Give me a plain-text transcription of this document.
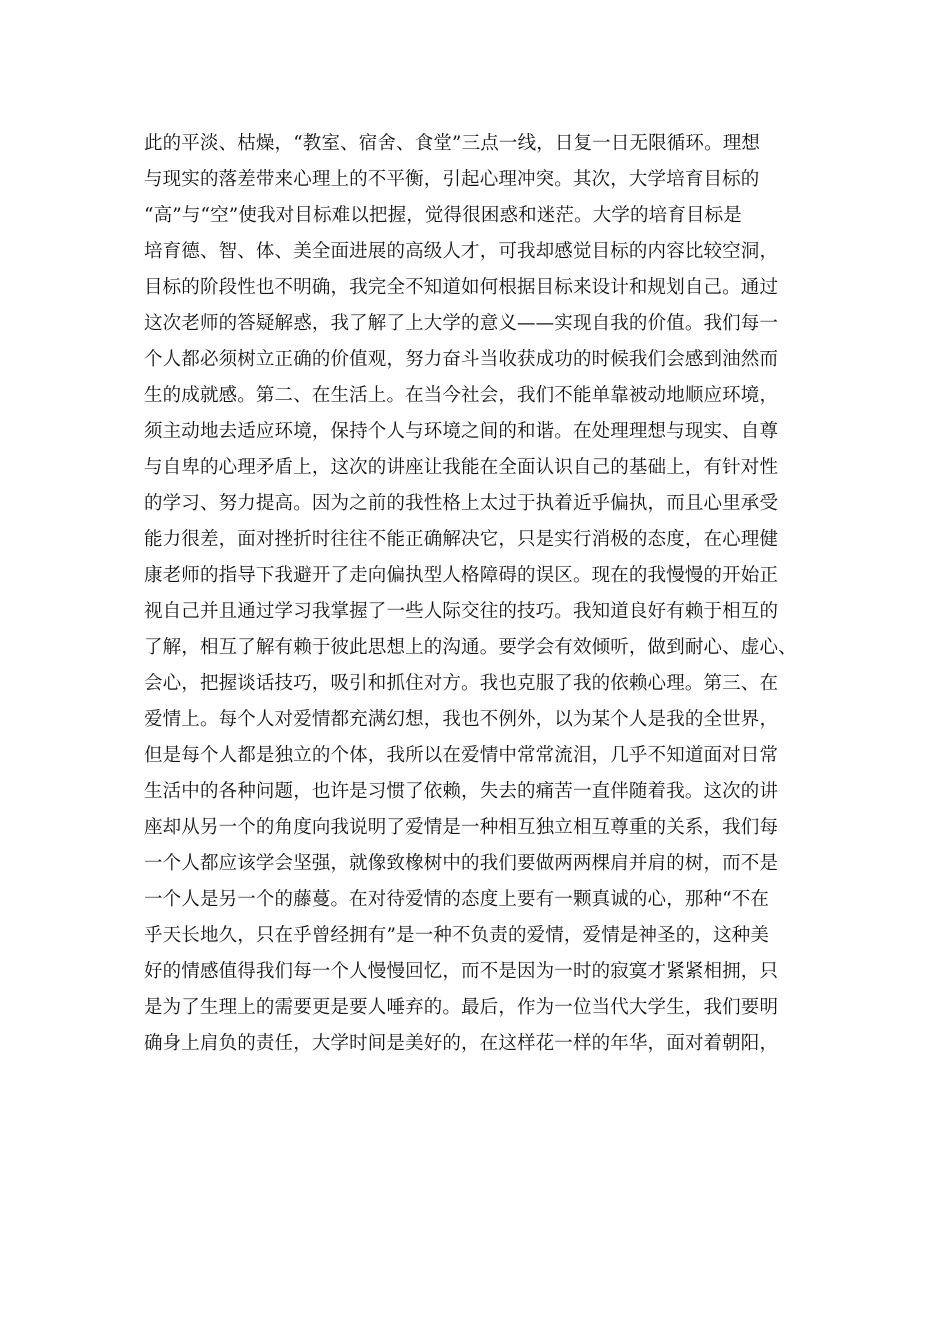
此的平淡、枯燥，“教室、宿舍、食堂”三点一线，日复一日无限循环。理想
与现实的落差带来心理上的不平衡，引起心理冲突。其次，大学培育目标的
“高”与“空”使我对目标难以把握，觉得很困惑和迷茫。大学的培育目标是
培育德、智、体、美全面进展的高级人才，可我却感觉目标的内容比较空洞，
目标的阶段性也不明确，我完全不知道如何根据目标来设计和规划自己。通过
这次老师的答疑解惑，我了解了上大学的意义——实现自我的价值。我们每一
个人都必须树立正确的价值观，努力奋斗当收获成功的时候我们会感到油然而
生的成就感。第二、在生活上。在当今社会，我们不能单靠被动地顺应环境，
须主动地去适应环境，保持个人与环境之间的和谐。在处理理想与现实、自尊
与自卑的心理矛盾上，这次的讲座让我能在全面认识自己的基础上，有针对性
的学习、努力提高。因为之前的我性格上太过于执着近乎偏执，而且心里承受
能力很差，面对挫折时往往不能正确解决它，只是实行消极的态度，在心理健
康老师的指导下我避开了走向偏执型人格障碍的误区。现在的我慢慢的开始正
视自己并且通过学习我掌握了一些人际交往的技巧。我知道良好有赖于相互的
了解，相互了解有赖于彼此思想上的沟通。要学会有效倾听，做到耐心、虚心、
会心，把握谈话技巧，吸引和抓住对方。我也克服了我的依赖心理。第三、在
爱情上。每个人对爱情都充满幻想，我也不例外，以为某个人是我的全世界，
但是每个人都是独立的个体，我所以在爱情中常常流泪，几乎不知道面对日常
生活中的各种问题，也许是习惯了依赖，失去的痛苦一直伴随着我。这次的讲
座却从另一个的角度向我说明了爱情是一种相互独立相互尊重的关系，我们每
一个人都应该学会坚强，就像致橡树中的我们要做两两棵肩并肩的树，而不是
一个人是另一个的藤蔓。在对待爱情的态度上要有一颗真诚的心，那种“不在
乎天长地久，只在乎曾经拥有”是一种不负责的爱情，爱情是神圣的，这种美
好的情感值得我们每一个人慢慢回忆，而不是因为一时的寂寞才紧紧相拥，只
是为了生理上的需要更是要人唾弃的。最后，作为一位当代大学生，我们要明
确身上肩负的责任，大学时间是美好的，在这样花一样的年华，面对着朝阳，
